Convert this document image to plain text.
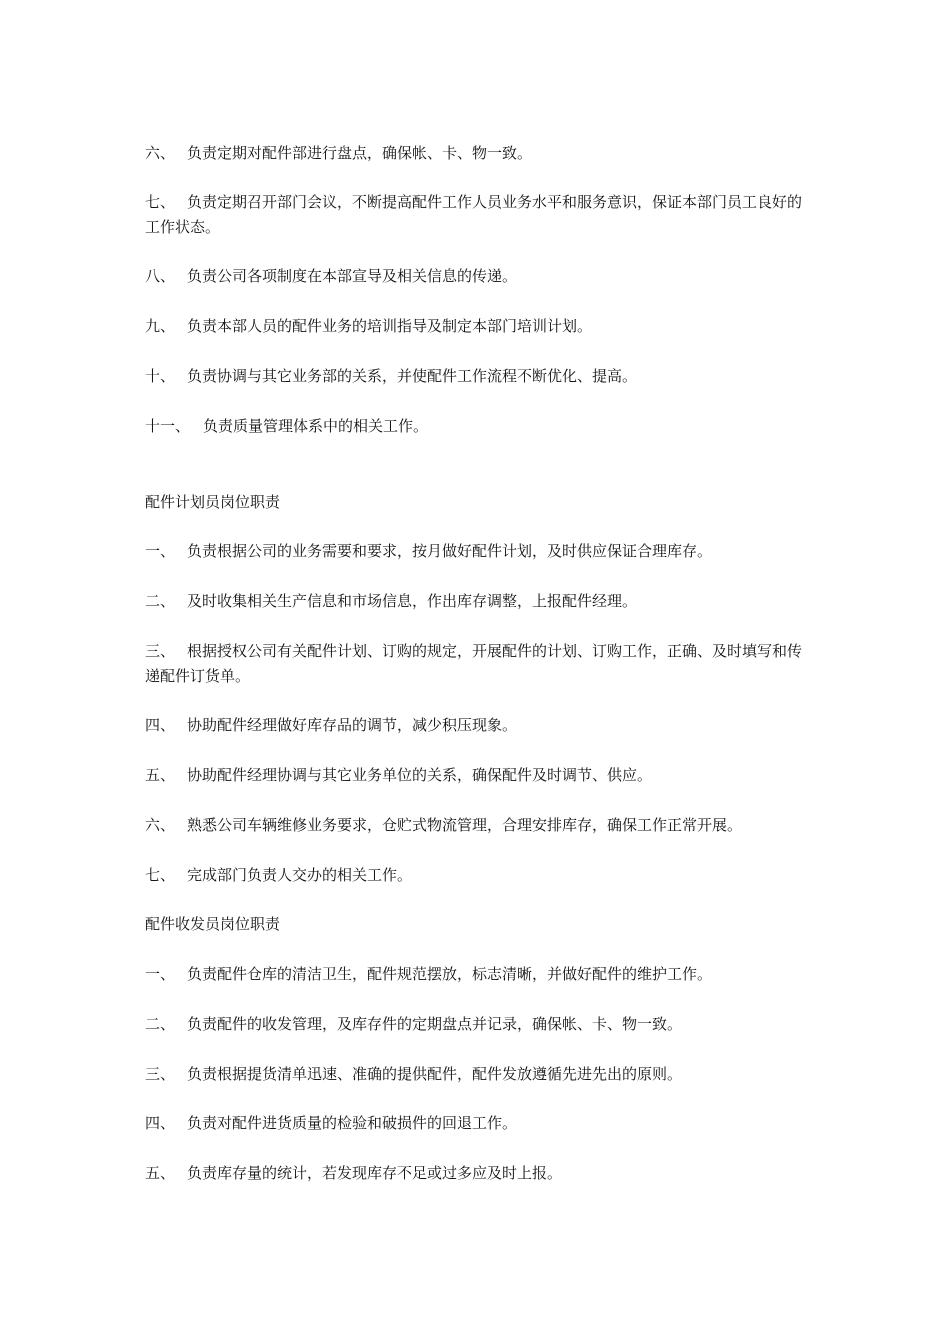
六、 负责定期对配件部进行盘点，确保帐、卡、物一致。
七、 负责定期召开部门会议，不断提高配件工作人员业务水平和服务意识，保证本部门员工良好的工作状态。
八、 负责公司各项制度在本部宣导及相关信息的传递。
九、 负责本部人员的配件业务的培训指导及制定本部门培训计划。
十、 负责协调与其它业务部的关系，并使配件工作流程不断优化、提高。
十一、 负责质量管理体系中的相关工作。
配件计划员岗位职责
一、 负责根据公司的业务需要和要求，按月做好配件计划，及时供应保证合理库存。
二、 及时收集相关生产信息和市场信息，作出库存调整，上报配件经理。
三、 根据授权公司有关配件计划、订购的规定，开展配件的计划、订购工作，正确、及时填写和传递配件订货单。
四、 协助配件经理做好库存品的调节，减少积压现象。
五、 协助配件经理协调与其它业务单位的关系，确保配件及时调节、供应。
六、 熟悉公司车辆维修业务要求，仓贮式物流管理，合理安排库存，确保工作正常开展。
七、 完成部门负责人交办的相关工作。
配件收发员岗位职责
一、 负责配件仓库的清洁卫生，配件规范摆放，标志清晰，并做好配件的维护工作。
二、 负责配件的收发管理，及库存件的定期盘点并记录，确保帐、卡、物一致。
三、 负责根据提货清单迅速、准确的提供配件，配件发放遵循先进先出的原则。
四、 负责对配件进货质量的检验和破损件的回退工作。
五、 负责库存量的统计，若发现库存不足或过多应及时上报。
